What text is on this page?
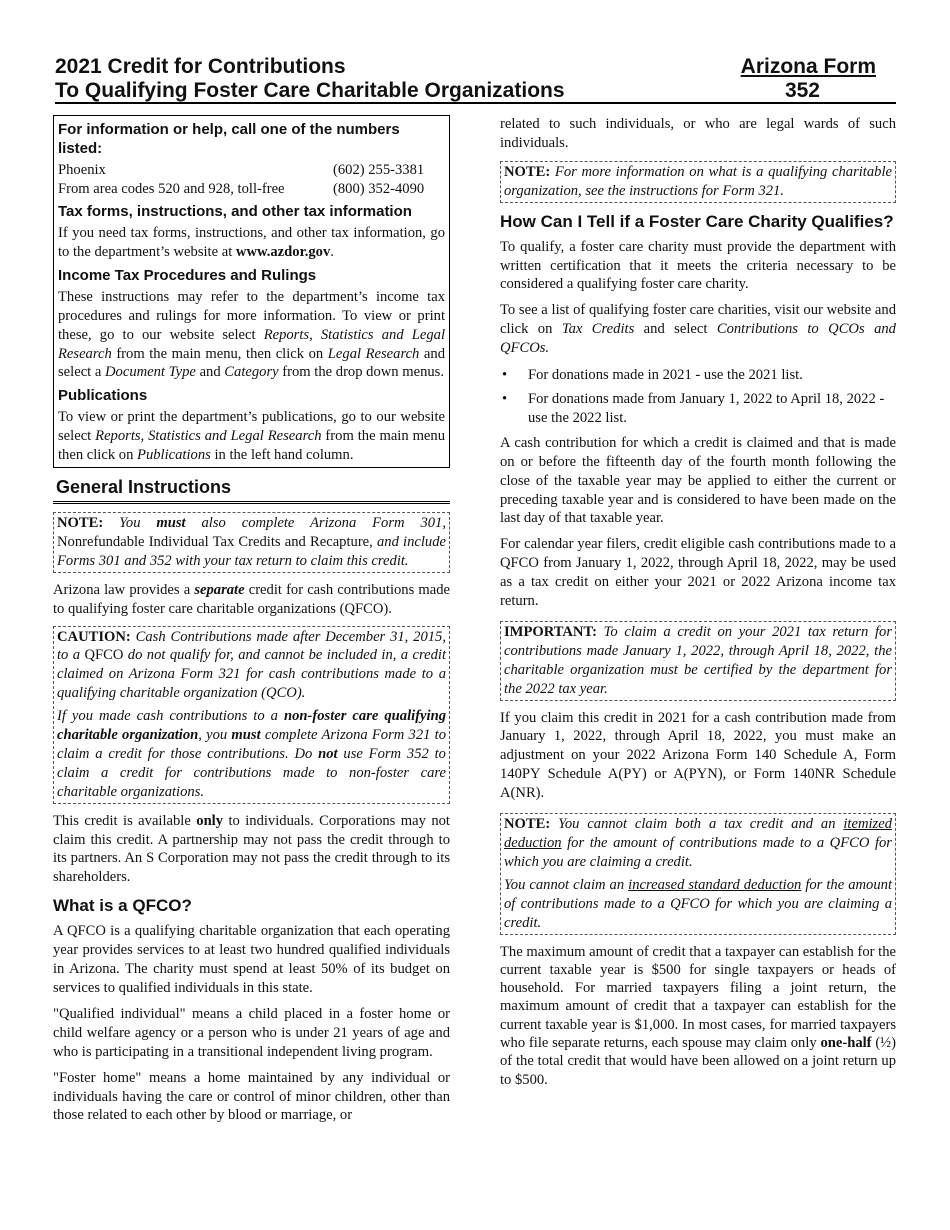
2021 Credit for Contributions
To Qualifying Foster Care Charitable Organizations
Arizona Form
352
For information or help, call one of the numbers listed:
Phoenix	(602) 255-3381
From area codes 520 and 928, toll-free	(800) 352-4090
Tax forms, instructions, and other tax information

If you need tax forms, instructions, and other tax information, go to the department’s website at www.azdor.gov.

Income Tax Procedures and Rulings

These instructions may refer to the department’s income tax procedures and rulings for more information. To view or print these, go to our website select Reports, Statistics and Legal Research from the main menu, then click on Legal Research and select a Document Type and Category from the drop down menus.

Publications

To view or print the department’s publications, go to our website select Reports, Statistics and Legal Research from the main menu then click on Publications in the left hand column.

General Instructions

NOTE: You must also complete Arizona Form 301, Nonrefundable Individual Tax Credits and Recapture, and include Forms 301 and 352 with your tax return to claim this credit.

Arizona law provides a separate credit for cash contributions made to qualifying foster care charitable organizations (QFCO).

CAUTION: Cash Contributions made after December 31, 2015, to a QFCO do not qualify for, and cannot be included in, a credit claimed on Arizona Form 321 for cash contributions made to a qualifying charitable organization (QCO).

If you made cash contributions to a non-foster care qualifying charitable organization, you must complete Arizona Form 321 to claim a credit for those contributions. Do not use Form 352 to claim a credit for contributions made to non-foster care charitable organizations.

This credit is available only to individuals. Corporations may not claim this credit. A partnership may not pass the credit through to its partners. An S Corporation may not pass the credit through to its shareholders.

What is a QFCO?

A QFCO is a qualifying charitable organization that each operating year provides services to at least two hundred qualified individuals in Arizona. The charity must spend at least 50% of its budget on services to qualified individuals in this state.

"Qualified individual" means a child placed in a foster home or child welfare agency or a person who is under 21 years of age and who is participating in a transitional independent living program.

"Foster home" means a home maintained by any individual or individuals having the care or control of minor children, other than those related to each other by blood or marriage, or

related to such individuals, or who are legal wards of such individuals.

NOTE: For more information on what is a qualifying charitable organization, see the instructions for Form 321.

How Can I Tell if a Foster Care Charity Qualifies?

To qualify, a foster care charity must provide the department with written certification that it meets the criteria necessary to be considered a qualifying foster care charity.

To see a list of qualifying foster care charities, visit our website and click on Tax Credits and select Contributions to QCOs and QFCOs.

• For donations made in 2021 - use the 2021 list.
• For donations made from January 1, 2022 to April 18, 2022 - use the 2022 list.

A cash contribution for which a credit is claimed and that is made on or before the fifteenth day of the fourth month following the close of the taxable year may be applied to either the current or preceding taxable year and is considered to have been made on the last day of that taxable year.

For calendar year filers, credit eligible cash contributions made to a QFCO from January 1, 2022, through April 18, 2022, may be used as a tax credit on either your 2021 or 2022 Arizona income tax return.

IMPORTANT: To claim a credit on your 2021 tax return for contributions made January 1, 2022, through April 18, 2022, the charitable organization must be certified by the department for the 2022 tax year.

If you claim this credit in 2021 for a cash contribution made from January 1, 2022, through April 18, 2022, you must make an adjustment on your 2022 Arizona Form 140 Schedule A, Form 140PY Schedule A(PY) or A(PYN), or Form 140NR Schedule A(NR).

NOTE: You cannot claim both a tax credit and an itemized deduction for the amount of contributions made to a QFCO for which you are claiming a credit.

You cannot claim an increased standard deduction for the amount of contributions made to a QFCO for which you are claiming a credit.

The maximum amount of credit that a taxpayer can establish for the current taxable year is $500 for single taxpayers or heads of household. For married taxpayers filing a joint return, the maximum amount of credit that a taxpayer can establish for the current taxable year is $1,000. In most cases, for married taxpayers who file separate returns, each spouse may claim only one-half (½) of the total credit that would have been allowed on a joint return up to $500.
